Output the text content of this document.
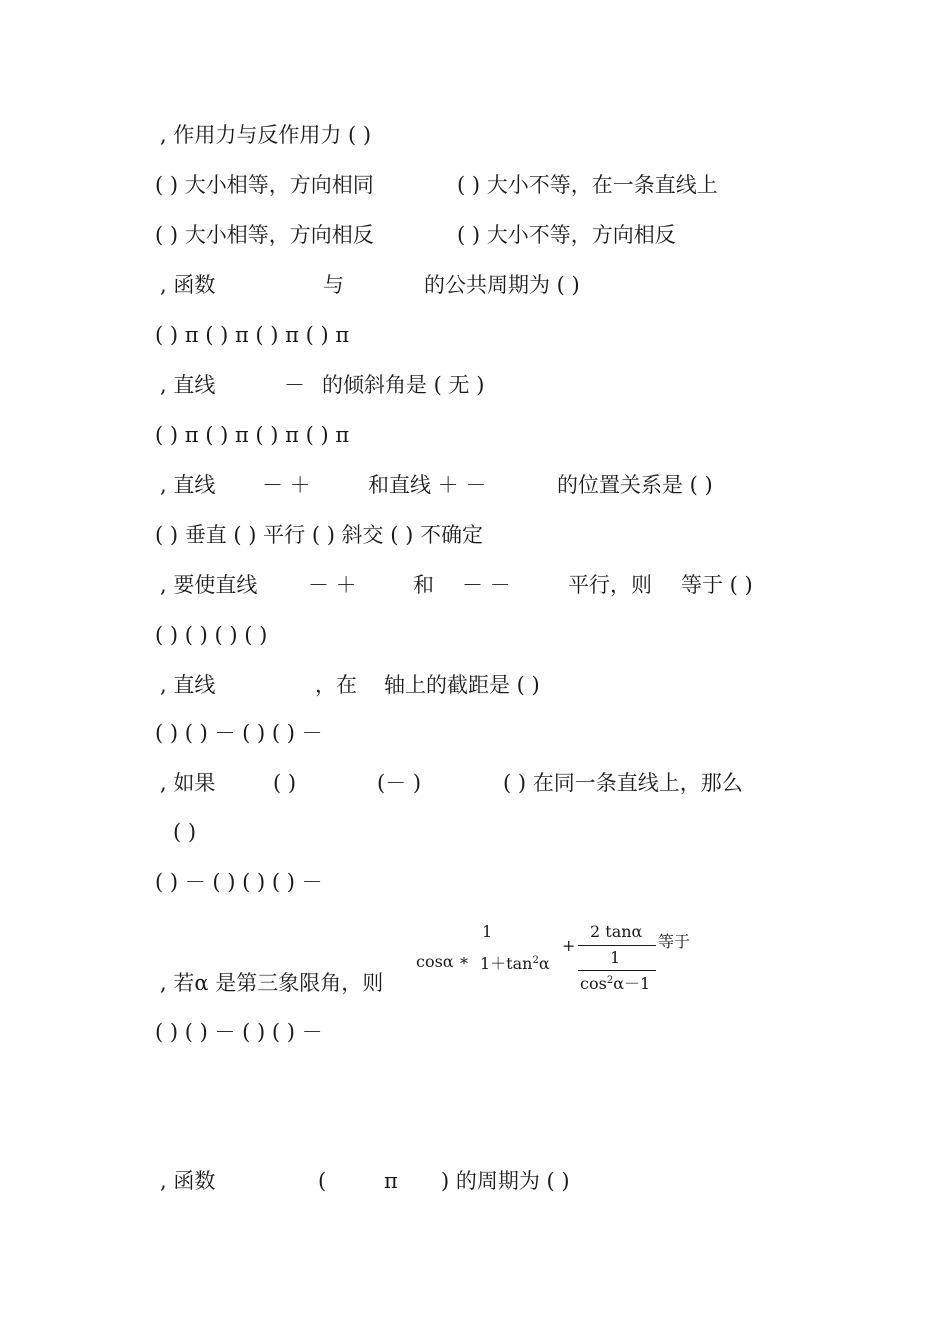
, 作用力与反作用力 ( )
( ) 大小相等，方向相同	( ) 大小不等，在一条直线上
( ) 大小相等，方向相反	( ) 大小不等，方向相反
, 函数	与	的公共周期为 ( )
( ) π ( ) π ( ) π ( ) π
, 直线	－ 的倾斜角是 ( 无 )
( ) π ( ) π ( ) π ( ) π
, 直线 － ＋	和直线 ＋ －	的位置关系是 ( )
( ) 垂直 ( ) 平行 ( ) 斜交 ( ) 不确定
, 要使直线 － ＋	和 － －	平行，则 等于 ( )
( ) ( ) ( ) ( )
, 直线	，在 轴上的截距是 ( )
( ) ( ) － ( ) ( ) －
, 如果	( )	(－ )	( ) 在同一条直线上，那么
( )
( ) － ( ) ( ) ( ) －
, 若α 是第三象限角，则
cosα *
1
$1+\tan^2\alpha$
+
2 tanα
1
$\cos^2\alpha-1$
等于
( ) ( ) － ( ) ( ) －
, 函数	(	π ) 的周期为 ( )
